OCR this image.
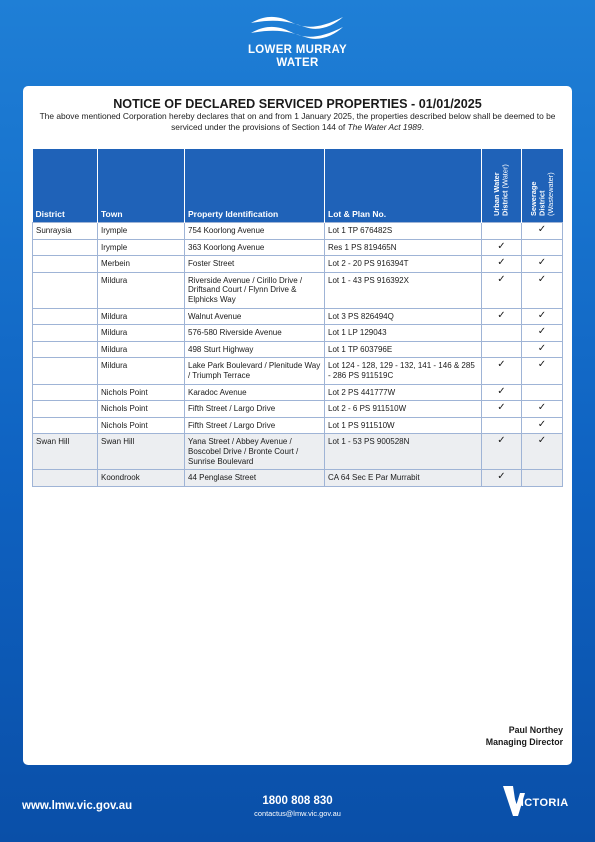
LOWER MURRAY
WATER
NOTICE OF DECLARED SERVICED PROPERTIES - 01/01/2025
The above mentioned Corporation hereby declares that on and from 1 January 2025, the properties described below shall be deemed to be serviced under the provisions of Section 144 of The Water Act 1989.
District	Town	Property Identification	Lot & Plan No.	Urban Water District (Water)	Sewerage District (Wastewater)
Sunraysia	Irymple	754 Koorlong Avenue	Lot 1 TP 676482S		✓
	Irymple	363 Koorlong Avenue	Res 1 PS 819465N	✓	
	Merbein	Foster Street	Lot 2 - 20 PS 916394T	✓	✓
	Mildura	Riverside Avenue / Cirillo Drive / Driftsand Court / Flynn Drive & Elphicks Way	Lot 1 - 43 PS 916392X	✓	✓
	Mildura	Walnut Avenue	Lot 3 PS 826494Q	✓	✓
	Mildura	576-580 Riverside Avenue	Lot 1 LP 129043		✓
	Mildura	498 Sturt Highway	Lot 1 TP 603796E		✓
	Mildura	Lake Park Boulevard / Plenitude Way / Triumph Terrace	Lot 124 - 128, 129 - 132, 141 - 146 & 285 - 286 PS 911519C	✓	✓
	Nichols Point	Karadoc Avenue	Lot 2 PS 441777W	✓	
	Nichols Point	Fifth Street / Largo Drive	Lot 2 - 6 PS 911510W	✓	✓
	Nichols Point	Fifth Street / Largo Drive	Lot 1 PS 911510W		✓
Swan Hill	Swan Hill	Yana Street / Abbey Avenue / Boscobel Drive / Bronte Court / Sunrise Boulevard	Lot 1 - 53 PS 900528N	✓	✓
	Koondrook	44 Penglase Street	CA 64 Sec E Par Murrabit	✓	
Paul Northey
Managing Director
www.lmw.vic.gov.au	1800 808 830
contactus@lmw.vic.gov.au
VICTORIA
